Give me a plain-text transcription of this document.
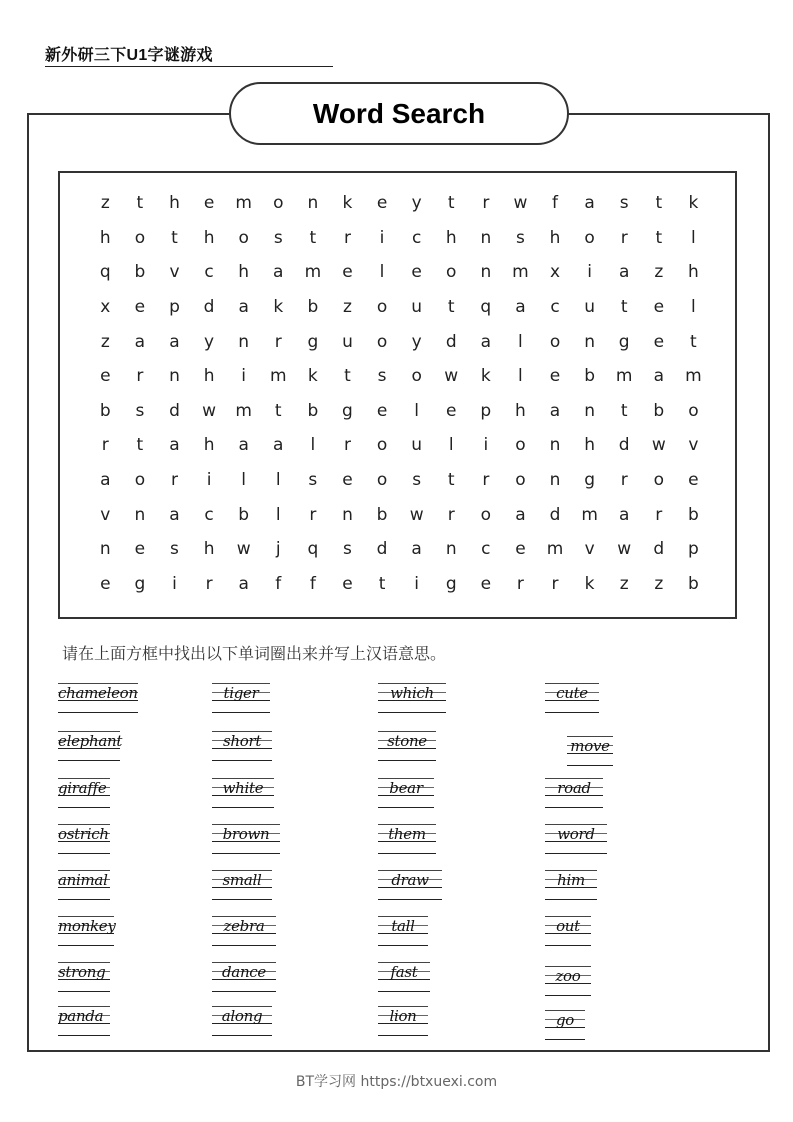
新外研三下U1字谜游戏
Word Search
z	t	h	e	m	o	n	k	e	y	t	r	w	f	a	s	t	k
h	o	t	h	o	s	t	r	i	c	h	n	s	h	o	r	t	l
q	b	v	c	h	a	m	e	l	e	o	n	m	x	i	a	z	h
x	e	p	d	a	k	b	z	o	u	t	q	a	c	u	t	e	l
z	a	a	y	n	r	g	u	o	y	d	a	l	o	n	g	e	t
e	r	n	h	i	m	k	t	s	o	w	k	l	e	b	m	a	m
b	s	d	w	m	t	b	g	e	l	e	p	h	a	n	t	b	o
r	t	a	h	a	a	l	r	o	u	l	i	o	n	h	d	w	v
a	o	r	i	l	l	s	e	o	s	t	r	o	n	g	r	o	e
v	n	a	c	b	l	r	n	b	w	r	o	a	d	m	a	r	b
n	e	s	h	w	j	q	s	d	a	n	c	e	m	v	w	d	p
e	g	i	r	a	f	f	e	t	i	g	e	r	r	k	z	z	b
请在上面方框中找出以下单词圈出来并写上汉语意思。
chameleon
elephant
giraffe
ostrich
animal
monkey
strong
panda
tiger
short
white
brown
small
zebra
dance
along
which
stone
bear
them
draw
tall
fast
lion
cute
move
road
word
him
out
zoo
go
BT学习网 https://btxuexi.com
